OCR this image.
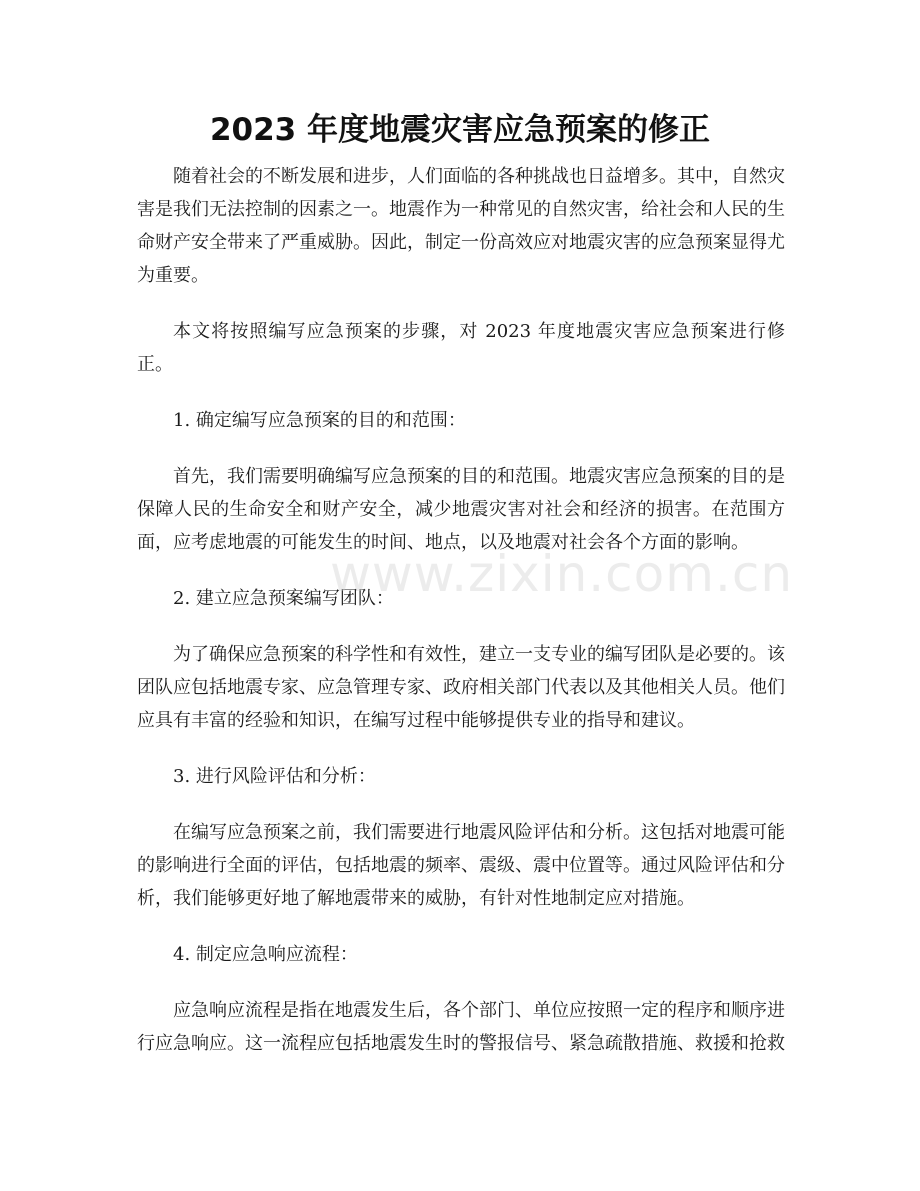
2023 年度地震灾害应急预案的修正

随着社会的不断发展和进步，人们面临的各种挑战也日益增多。其中，自然灾害是我们无法控制的因素之一。地震作为一种常见的自然灾害，给社会和人民的生命财产安全带来了严重威胁。因此，制定一份高效应对地震灾害的应急预案显得尤为重要。

本文将按照编写应急预案的步骤，对 2023 年度地震灾害应急预案进行修正。

1. 确定编写应急预案的目的和范围：

首先，我们需要明确编写应急预案的目的和范围。地震灾害应急预案的目的是保障人民的生命安全和财产安全，减少地震灾害对社会和经济的损害。在范围方面，应考虑地震的可能发生的时间、地点，以及地震对社会各个方面的影响。

2. 建立应急预案编写团队：

为了确保应急预案的科学性和有效性，建立一支专业的编写团队是必要的。该团队应包括地震专家、应急管理专家、政府相关部门代表以及其他相关人员。他们应具有丰富的经验和知识，在编写过程中能够提供专业的指导和建议。

3. 进行风险评估和分析：

在编写应急预案之前，我们需要进行地震风险评估和分析。这包括对地震可能的影响进行全面的评估，包括地震的频率、震级、震中位置等。通过风险评估和分析，我们能够更好地了解地震带来的威胁，有针对性地制定应对措施。

4. 制定应急响应流程：

应急响应流程是指在地震发生后，各个部门、单位应按照一定的程序和顺序进行应急响应。这一流程应包括地震发生时的警报信号、紧急疏散措施、救援和抢救

www.zixin.com.cn
